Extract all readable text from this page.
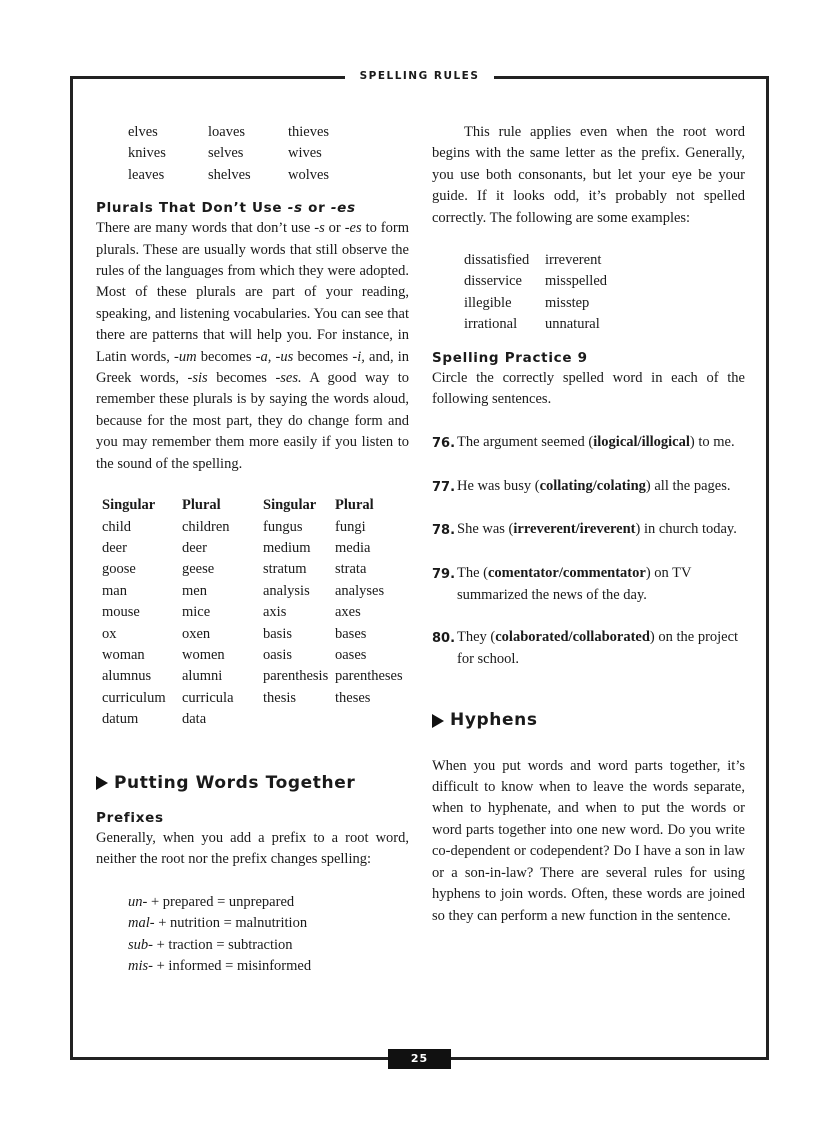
SPELLING RULES
25
elves	loaves	thieves
knives	selves	wives
leaves	shelves	wolves
Plurals That Don’t Use -s or -es

There are many words that don’t use -s or -es to form plurals. These are usually words that still observe the rules of the languages from which they were adopted. Most of these plurals are part of your reading, speaking, and listening vocabularies. You can see that there are patterns that will help you. For instance, in Latin words, -um becomes -a, -us becomes -i, and, in Greek words, -sis becomes -ses. A good way to remember these plurals is by saying the words aloud, because for the most part, they do change form and you may remember them more easily if you listen to the sound of the spelling.

Singular	Plural	Singular	Plural
child	children	fungus	fungi
deer	deer	medium	media
goose	geese	stratum	strata
man	men	analysis	analyses
mouse	mice	axis	axes
ox	oxen	basis	bases
woman	women	oasis	oases
alumnus	alumni	parenthesis	parentheses
curriculum	curricula	thesis	theses
datum	data		
Putting Words Together
Prefixes

Generally, when you add a prefix to a root word, neither the root nor the prefix changes spelling:

un- + prepared = unprepared
mal- + nutrition = malnutrition
sub- + traction = subtraction
mis- + informed = misinformed

This rule applies even when the root word begins with the same letter as the prefix. Generally, you use both consonants, but let your eye be your guide. If it looks odd, it’s probably not spelled correctly. The following are some examples:

dissatisfied	irreverent
disservice	misspelled
illegible	misstep
irrational	unnatural
Spelling Practice 9

Circle the correctly spelled word in each of the following sentences.

76. The argument seemed (ilogical/illogical) to me.
77. He was busy (collating/colating) all the pages.
78. She was (irreverent/ireverent) in church today.
79. The (comentator/commentator) on TV summarized the news of the day.
80. They (colaborated/collaborated) on the project for school.
Hyphens

When you put words and word parts together, it’s difficult to know when to leave the words separate, when to hyphenate, and when to put the words or word parts together into one new word. Do you write co-dependent or codependent? Do I have a son in law or a son-in-law? There are several rules for using hyphens to join words. Often, these words are joined so they can perform a new function in the sentence.
